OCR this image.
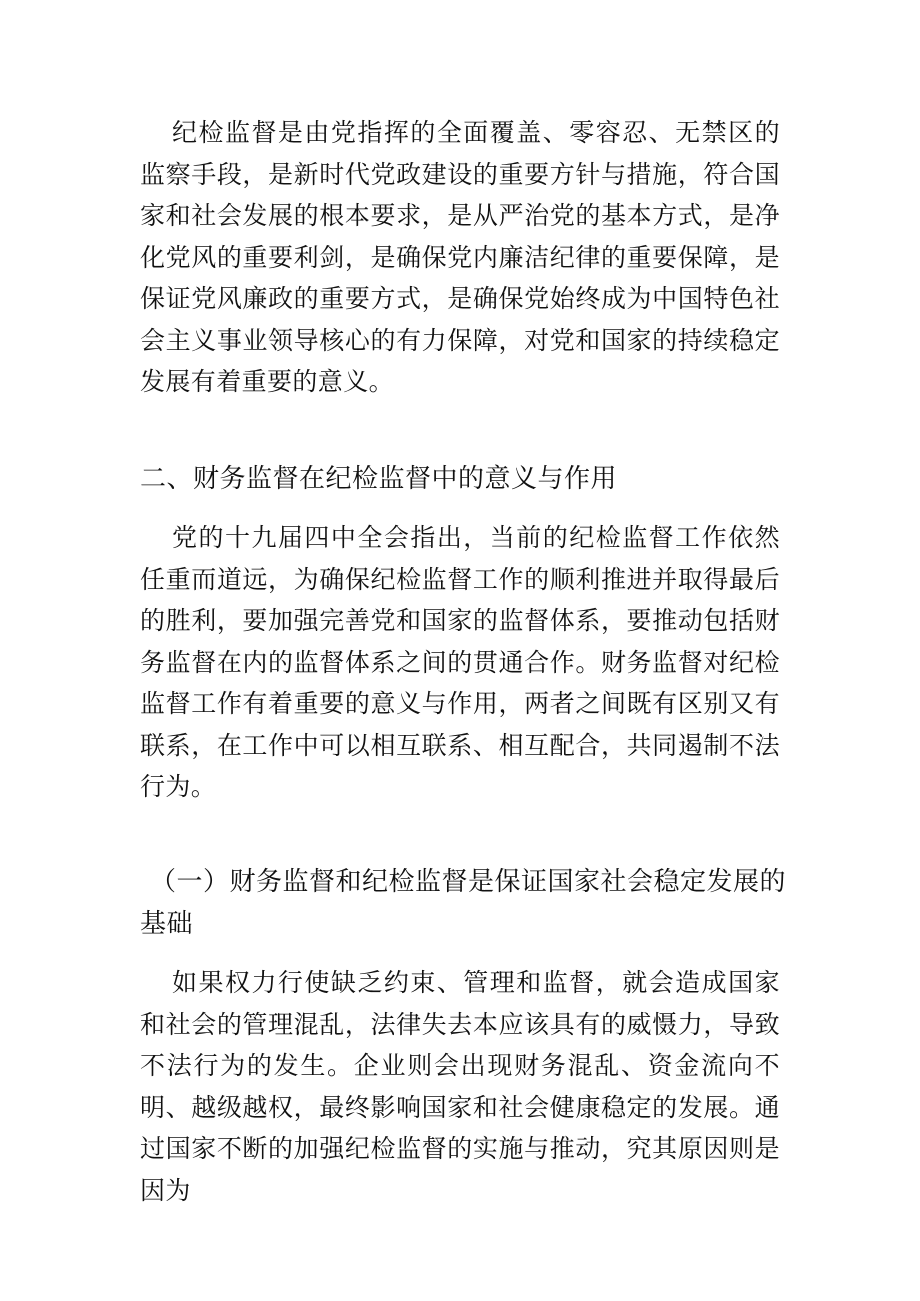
纪检监督是由党指挥的全面覆盖、零容忍、无禁区的监察手段，是新时代党政建设的重要方针与措施，符合国家和社会发展的根本要求，是从严治党的基本方式，是净化党风的重要利剑，是确保党内廉洁纪律的重要保障，是保证党风廉政的重要方式，是确保党始终成为中国特色社会主义事业领导核心的有力保障，对党和国家的持续稳定发展有着重要的意义。
二、财务监督在纪检监督中的意义与作用
党的十九届四中全会指出，当前的纪检监督工作依然任重而道远，为确保纪检监督工作的顺利推进并取得最后的胜利，要加强完善党和国家的监督体系，要推动包括财务监督在内的监督体系之间的贯通合作。财务监督对纪检监督工作有着重要的意义与作用，两者之间既有区别又有联系，在工作中可以相互联系、相互配合，共同遏制不法行为。
（一）财务监督和纪检监督是保证国家社会稳定发展的基础
如果权力行使缺乏约束、管理和监督，就会造成国家和社会的管理混乱，法律失去本应该具有的威慑力，导致不法行为的发生。企业则会出现财务混乱、资金流向不明、越级越权，最终影响国家和社会健康稳定的发展。通过国家不断的加强纪检监督的实施与推动，究其原因则是因为
